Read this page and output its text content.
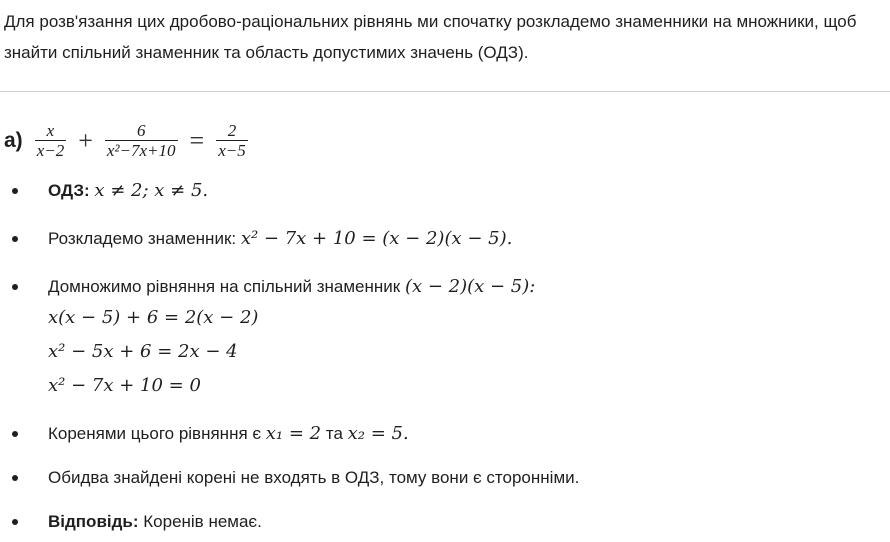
Для розв'язання цих дробово-раціональних рівнянь ми спочатку розкладемо знаменники на множники, щоб знайти спільний знаменник та область допустимих значень (ОДЗ).
$а) \frac{x}{x-2} + \frac{6}{\text{x²−7x+10}} = \frac{2}{x-5}$
ОДЗ: x ≠ 2; x ≠ 5.
Розкладемо знаменник: x² − 7x + 10 = (x − 2)(x − 5).
Домножимо рівняння на спільний знаменник (x − 2)(x − 5):
x(x − 5) + 6 = 2(x − 2)
x² − 5x + 6 = 2x − 4
x² − 7x + 10 = 0
Коренями цього рівняння є x₁ = 2 та x₂ = 5.
Обидва знайдені корені не входять в ОДЗ, тому вони є сторонніми.
Відповідь: Коренів немає.
